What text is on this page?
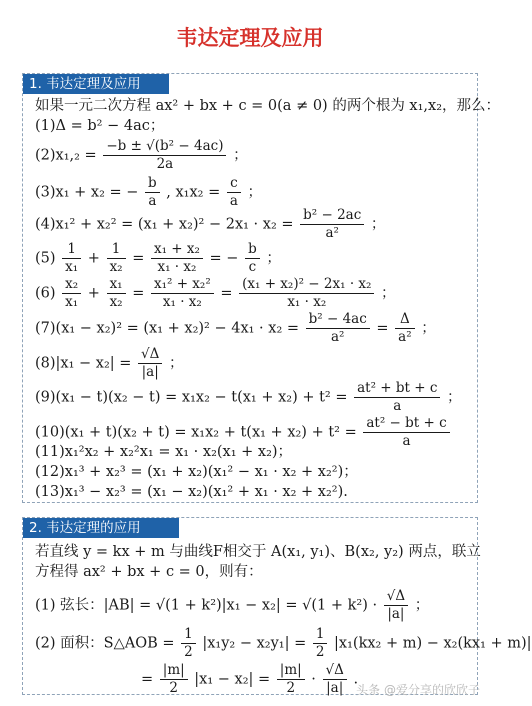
韦达定理及应用
1. 韦达定理及应用
如果一元二次方程 ax² + bx + c = 0(a ≠ 0) 的两个根为 x₁,x₂，那么：
(1)Δ = b² − 4ac；
$(2)x_1,_2 = \frac{\text{−b ± √(b² − 4ac)}}{2a}$ ；
(3)x₁ + x₂ = − $\frac{b}{a}$ , $x_1x_2 = \frac{c}{a}$ ；
$(4)x_1^2 + x_2^2 = (x_1 + x_2)^2 - 2x_1 \cdot x_2 = \frac{\text{b² − 2ac}}{\text{a²}}$ ；
$(5) \frac{1}{\text{x₁}} + \frac{1}{\text{x₂}} = \frac{\text{x₁ + x₂}}{\text{x₁ · x₂}}$ = − $\frac{b}{c}$ ；
$(6) \frac{\text{x₂}}{\text{x₁}} + \frac{\text{x₁}}{\text{x₂}} = \frac{\text{x₁² + x₂²}}{\text{x₁ · x₂}} = \frac{\text{(x₁ + x₂)² − 2x₁ · x₂}}{\text{x₁ · x₂}}$ ；
$(7)(x_1 - x_2)^2 = (x_1 + x_2)^2 - 4x_1 \cdot x_2 = \frac{\text{b² − 4ac}}{\text{a²}} = \frac{\Delta}{\text{a²}}$ ；
$(8)|x_1 - x_2| = \frac{√\Delta}{|a|}$ ；
$(9)(x_1 - t)(x_2 - t) = x_1x_2 - t(x_1 + x_2) + t^2 = \frac{\text{at² + bt + c}}{a}$ ；
$(10)(x_1 + t)(x_2 + t) = x_1x_2 + t(x_1 + x_2) + t^2 = \frac{\text{at² − bt + c}}{a}$
(11)x₁²x₂ + x₂²x₁ = x₁ · x₂(x₁ + x₂)；
(12)x₁³ + x₂³ = (x₁ + x₂)(x₁² − x₁ · x₂ + x₂²)；
(13)x₁³ − x₂³ = (x₁ − x₂)(x₁² + x₁ · x₂ + x₂²).
2. 韦达定理的应用
若直线 y = kx + m 与曲线F相交于 A(x₁, y₁)、B(x₂, y₂) 两点，联立
方程得 ax² + bx + c = 0，则有：
(1) 弦长：$|AB| = √(1 + k^2)|x_1 - x_2| = √(1 + k^2) \cdot \frac{√\Delta}{|a|}$ ；
(2) 面积：S△AOB = $\frac{1}{2} |x_1y_2 - x_2y_1| = \frac{1}{2} |x_1(kx_2 + m) - x_2(kx_1 + m)|$
= $\frac{|m|}{2} |x_1 - x_2| = \frac{|m|}{2} \cdot \frac{√\Delta}{|a|}$ .
头条 @爱分享的欣欣子
